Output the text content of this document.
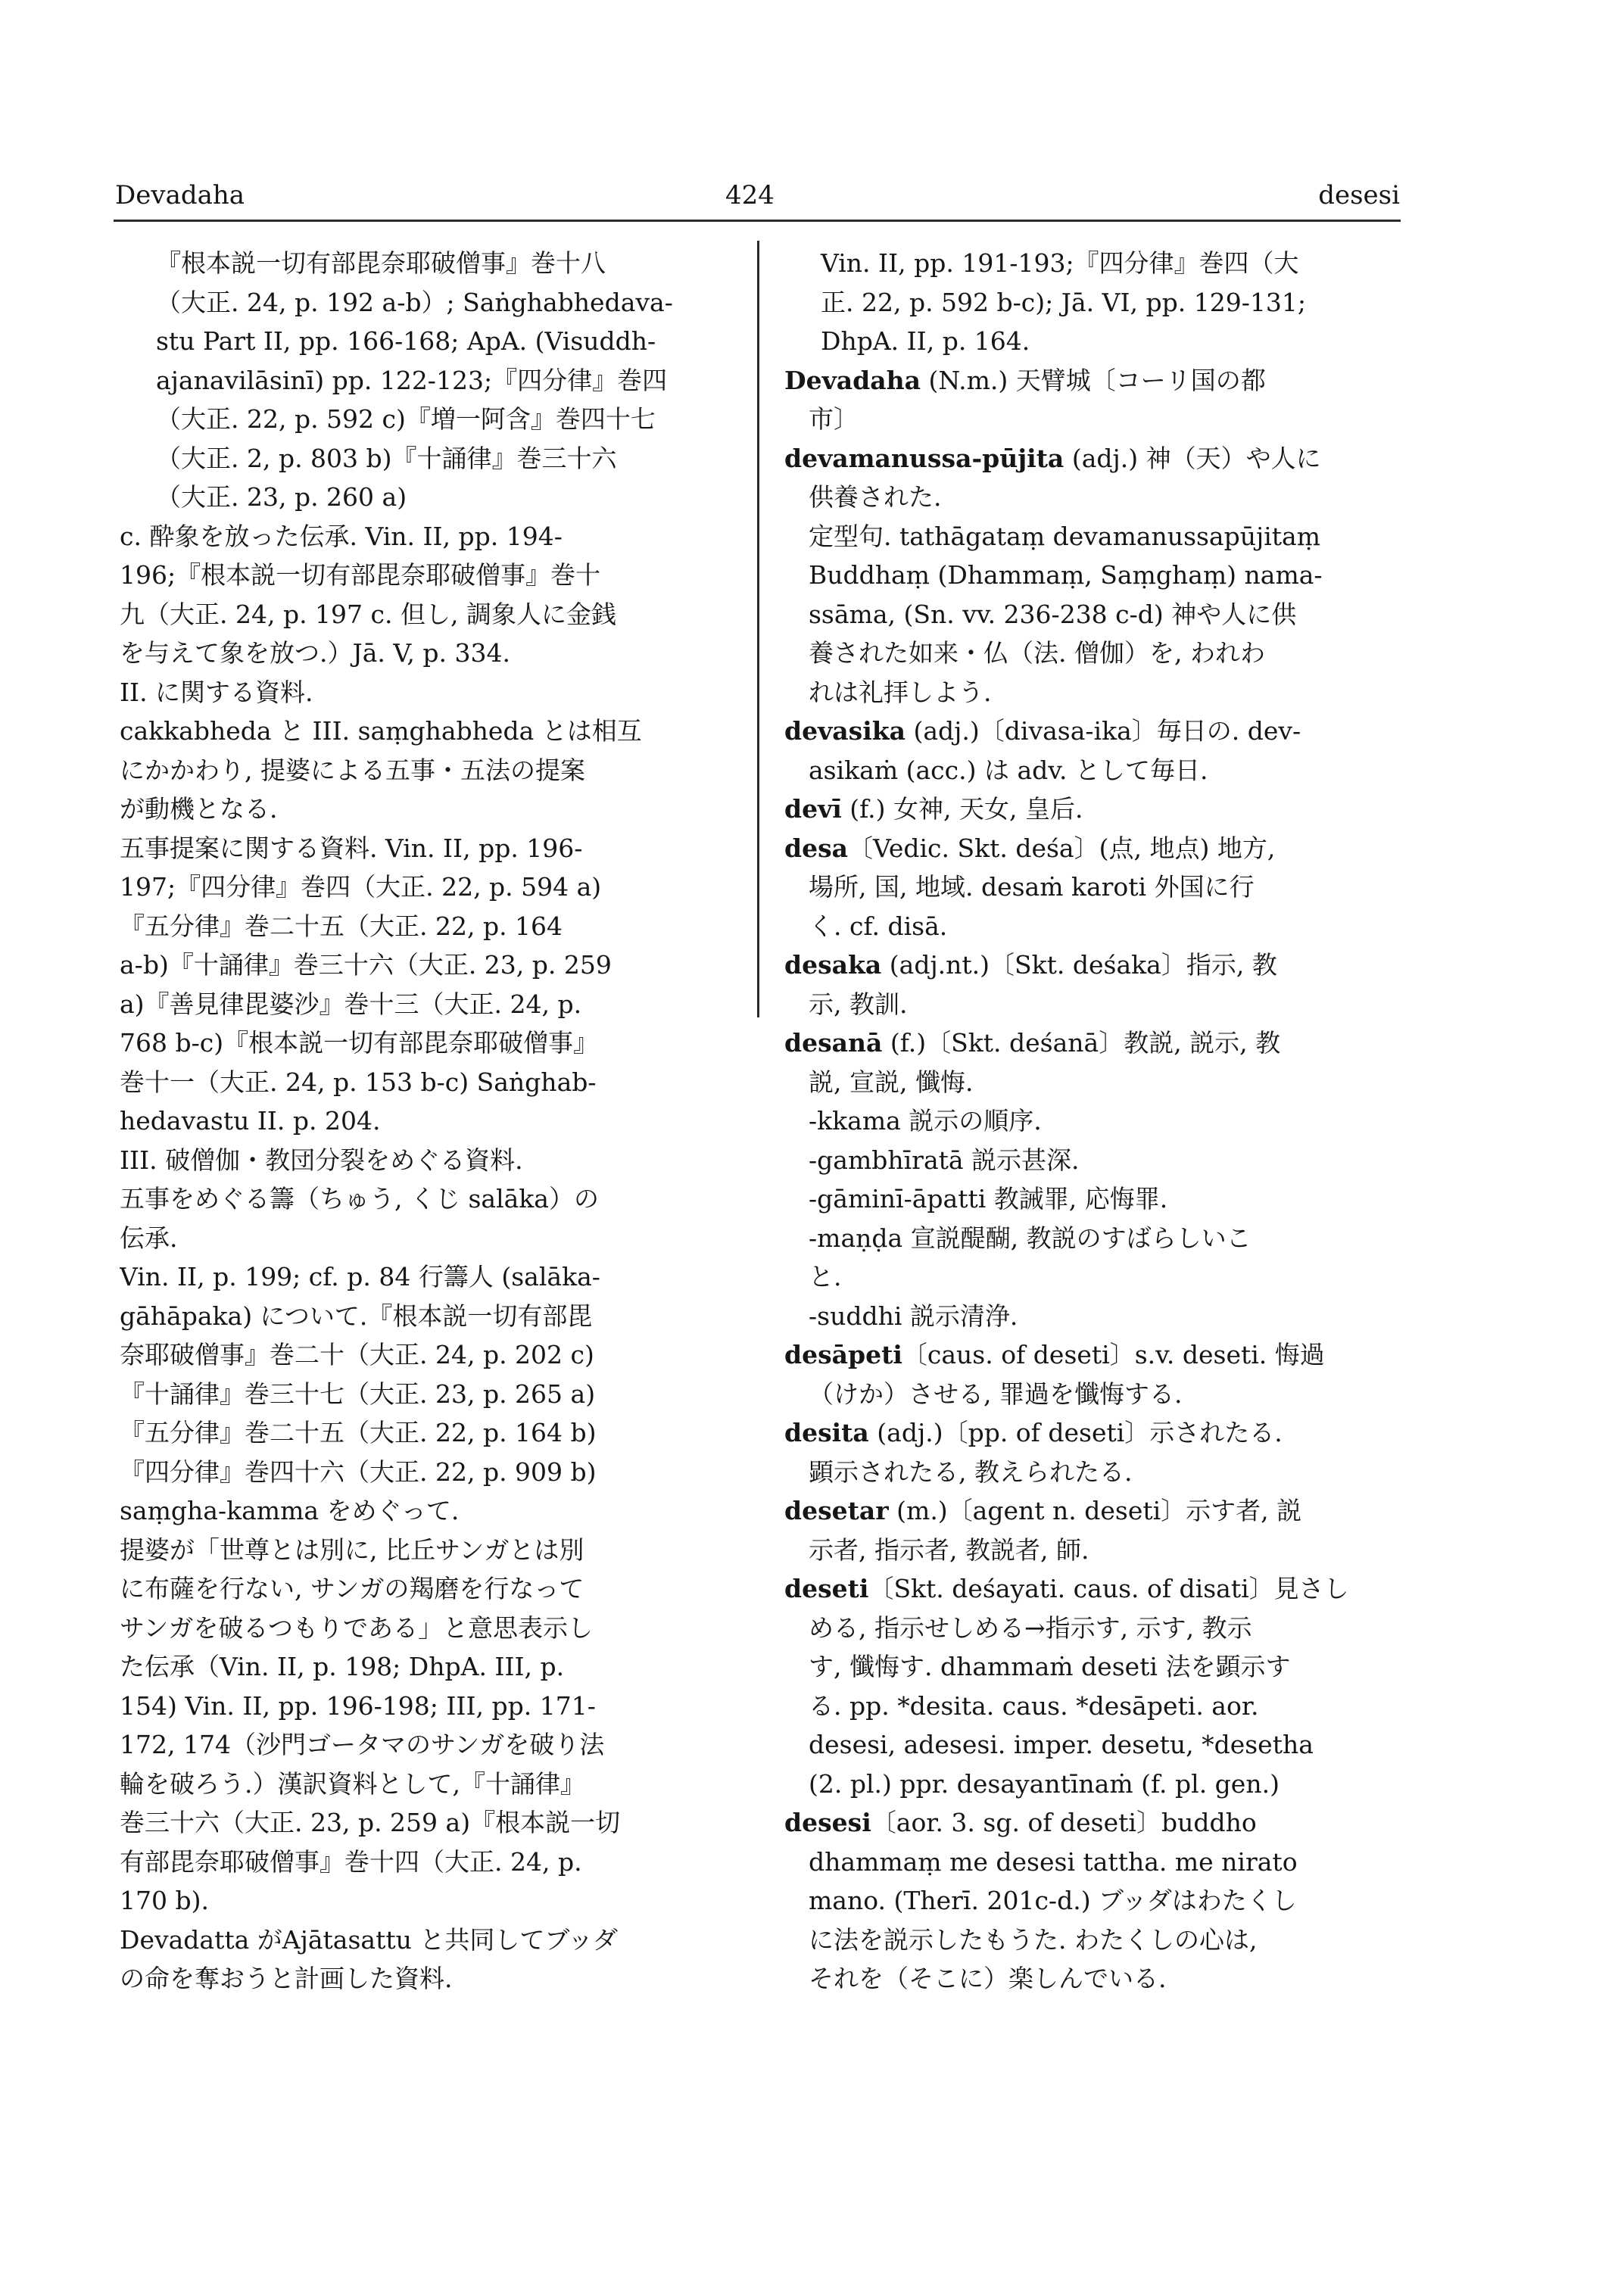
Devadaha	424	desesi
『根本説一切有部毘奈耶破僧事』巻十八
（大正. 24, p. 192 a-b）; Saṅghabhedava-
stu Part II, pp. 166-168; ApA. (Visuddh-
ajanavilāsinī) pp. 122-123;『四分律』巻四
（大正. 22, p. 592 c)『増一阿含』巻四十七
（大正. 2, p. 803 b)『十誦律』巻三十六
（大正. 23, p. 260 a)
c. 酔象を放った伝承. Vin. II, pp. 194-
196;『根本説一切有部毘奈耶破僧事』巻十
九（大正. 24, p. 197 c. 但し, 調象人に金銭
を与えて象を放つ.）Jā. V, p. 334.
II. に関する資料.
cakkabheda と III. saṃghabheda とは相互
にかかわり, 提婆による五事・五法の提案
が動機となる.
五事提案に関する資料. Vin. II, pp. 196-
197;『四分律』巻四（大正. 22, p. 594 a)
『五分律』巻二十五（大正. 22, p. 164
a-b)『十誦律』巻三十六（大正. 23, p. 259
a)『善見律毘婆沙』巻十三（大正. 24, p.
768 b-c)『根本説一切有部毘奈耶破僧事』
巻十一（大正. 24, p. 153 b-c) Saṅghab-
hedavastu II. p. 204.
III. 破僧伽・教団分裂をめぐる資料.
五事をめぐる籌（ちゅう, くじ salāka）の
伝承.
Vin. II, p. 199; cf. p. 84 行籌人 (salāka-
gāhāpaka) について.『根本説一切有部毘
奈耶破僧事』巻二十（大正. 24, p. 202 c)
『十誦律』巻三十七（大正. 23, p. 265 a)
『五分律』巻二十五（大正. 22, p. 164 b)
『四分律』巻四十六（大正. 22, p. 909 b)
saṃgha-kamma をめぐって.
提婆が「世尊とは別に, 比丘サンガとは別
に布薩を行ない, サンガの羯磨を行なって
サンガを破るつもりである」と意思表示し
た伝承（Vin. II, p. 198; DhpA. III, p.
154) Vin. II, pp. 196-198; III, pp. 171-
172, 174（沙門ゴータマのサンガを破り法
輪を破ろう.）漢訳資料として,『十誦律』
巻三十六（大正. 23, p. 259 a)『根本説一切
有部毘奈耶破僧事』巻十四（大正. 24, p.
170 b).
Devadatta がAjātasattu と共同してブッダ
の命を奪おうと計画した資料.
Vin. II, pp. 191-193;『四分律』巻四（大
正. 22, p. 592 b-c); Jā. VI, pp. 129-131;
DhpA. II, p. 164.
Devadaha (N.m.) 天臂城〔コーリ国の都
市〕
devamanussa-pūjita (adj.) 神（天）や人に
供養された.
定型句. tathāgataṃ devamanussapūjitaṃ
Buddhaṃ (Dhammaṃ, Saṃghaṃ) nama-
ssāma, (Sn. vv. 236-238 c-d) 神や人に供
養された如来・仏（法. 僧伽）を, われわ
れは礼拝しよう.
devasika (adj.)〔divasa-ika〕毎日の. dev-
asikaṁ (acc.) は adv. として毎日.
devī (f.) 女神, 天女, 皇后.
desa〔Vedic. Skt. deśa〕(点, 地点) 地方,
場所, 国, 地域. desaṁ karoti 外国に行
く. cf. disā.
desaka (adj.nt.)〔Skt. deśaka〕指示, 教
示, 教訓.
desanā (f.)〔Skt. deśanā〕教説, 説示, 教
説, 宣説, 懺悔.
-kkama 説示の順序.
-gambhīratā 説示甚深.
-gāminī-āpatti 教誡罪, 応悔罪.
-maṇḍa 宣説醍醐, 教説のすばらしいこ
と.
-suddhi 説示清浄.
desāpeti〔caus. of deseti〕s.v. deseti. 悔過
（けか）させる, 罪過を懺悔する.
desita (adj.)〔pp. of deseti〕示されたる.
顕示されたる, 教えられたる.
desetar (m.)〔agent n. deseti〕示す者, 説
示者, 指示者, 教説者, 師.
deseti〔Skt. deśayati. caus. of disati〕見さし
める, 指示せしめる→指示す, 示す, 教示
す, 懺悔す. dhammaṁ deseti 法を顕示す
る. pp. *desita. caus. *desāpeti. aor.
desesi, adesesi. imper. desetu, *desetha
(2. pl.) ppr. desayantīnaṁ (f. pl. gen.)
desesi〔aor. 3. sg. of deseti〕buddho
dhammaṃ me desesi tattha. me nirato
mano. (Therī. 201c-d.) ブッダはわたくし
に法を説示したもうた. わたくしの心は,
それを（そこに）楽しんでいる.
